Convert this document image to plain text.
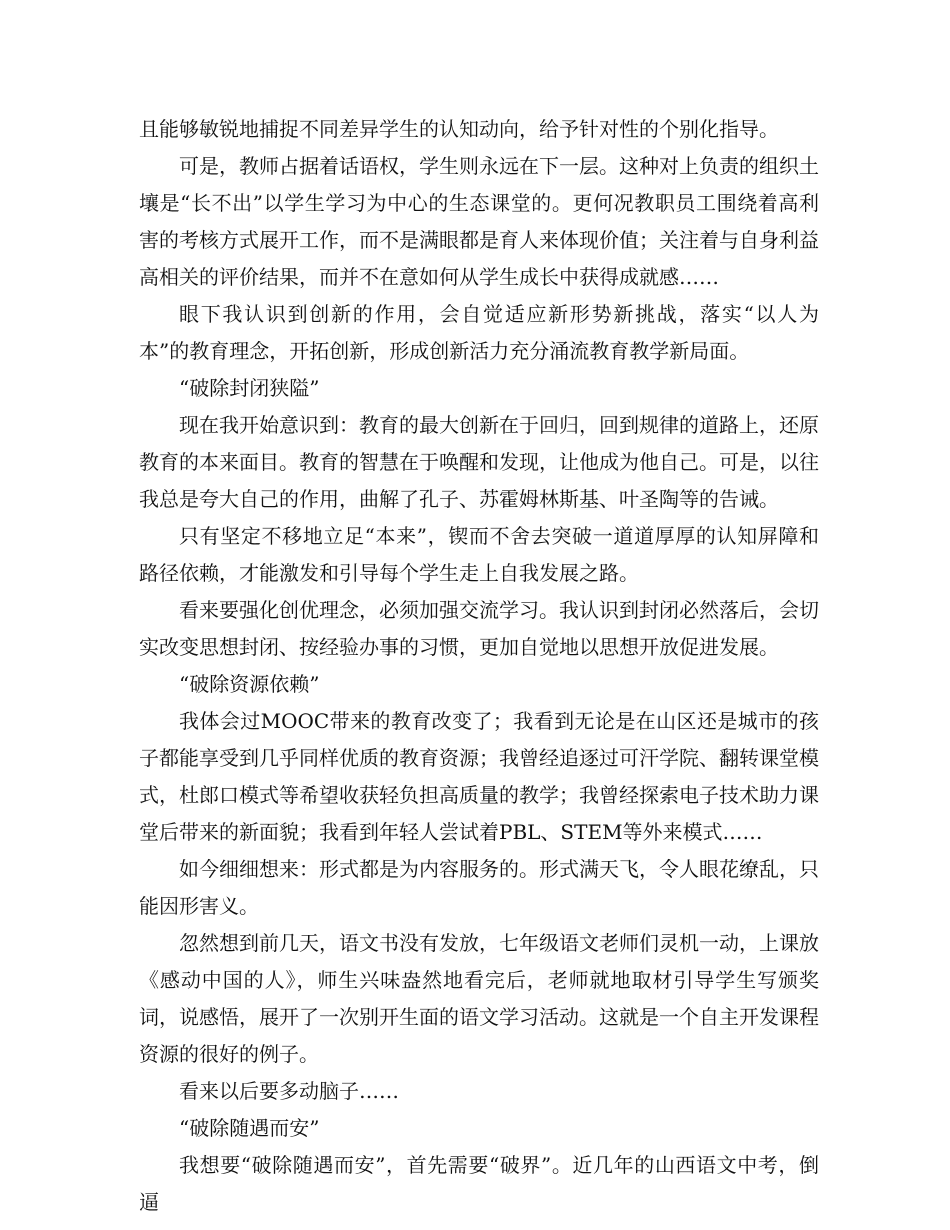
且能够敏锐地捕捉不同差异学生的认知动向，给予针对性的个别化指导。

可是，教师占据着话语权，学生则永远在下一层。这种对上负责的组织土壤是“长不出”以学生学习为中心的生态课堂的。更何况教职员工围绕着高利害的考核方式展开工作，而不是满眼都是育人来体现价值；关注着与自身利益高相关的评价结果，而并不在意如何从学生成长中获得成就感……

眼下我认识到创新的作用，会自觉适应新形势新挑战，落实“以人为本”的教育理念，开拓创新，形成创新活力充分涌流教育教学新局面。

“破除封闭狭隘”

现在我开始意识到：教育的最大创新在于回归，回到规律的道路上，还原教育的本来面目。教育的智慧在于唤醒和发现，让他成为他自己。可是，以往我总是夸大自己的作用，曲解了孔子、苏霍姆林斯基、叶圣陶等的告诫。

只有坚定不移地立足“本来”，锲而不舍去突破一道道厚厚的认知屏障和路径依赖，才能激发和引导每个学生走上自我发展之路。

看来要强化创优理念，必须加强交流学习。我认识到封闭必然落后，会切实改变思想封闭、按经验办事的习惯，更加自觉地以思想开放促进发展。

“破除资源依赖”

我体会过MOOC带来的教育改变了；我看到无论是在山区还是城市的孩子都能享受到几乎同样优质的教育资源；我曾经追逐过可汗学院、翻转课堂模式，杜郎口模式等希望收获轻负担高质量的教学；我曾经探索电子技术助力课堂后带来的新面貌；我看到年轻人尝试着PBL、STEM等外来模式……

如今细细想来：形式都是为内容服务的。形式满天飞，令人眼花缭乱，只能因形害义。

忽然想到前几天，语文书没有发放，七年级语文老师们灵机一动，上课放《感动中国的人》，师生兴味盎然地看完后，老师就地取材引导学生写颁奖词，说感悟，展开了一次别开生面的语文学习活动。这就是一个自主开发课程资源的很好的例子。

看来以后要多动脑子……

“破除随遇而安”

我想要“破除随遇而安”，首先需要“破界”。近几年的山西语文中考，倒逼
